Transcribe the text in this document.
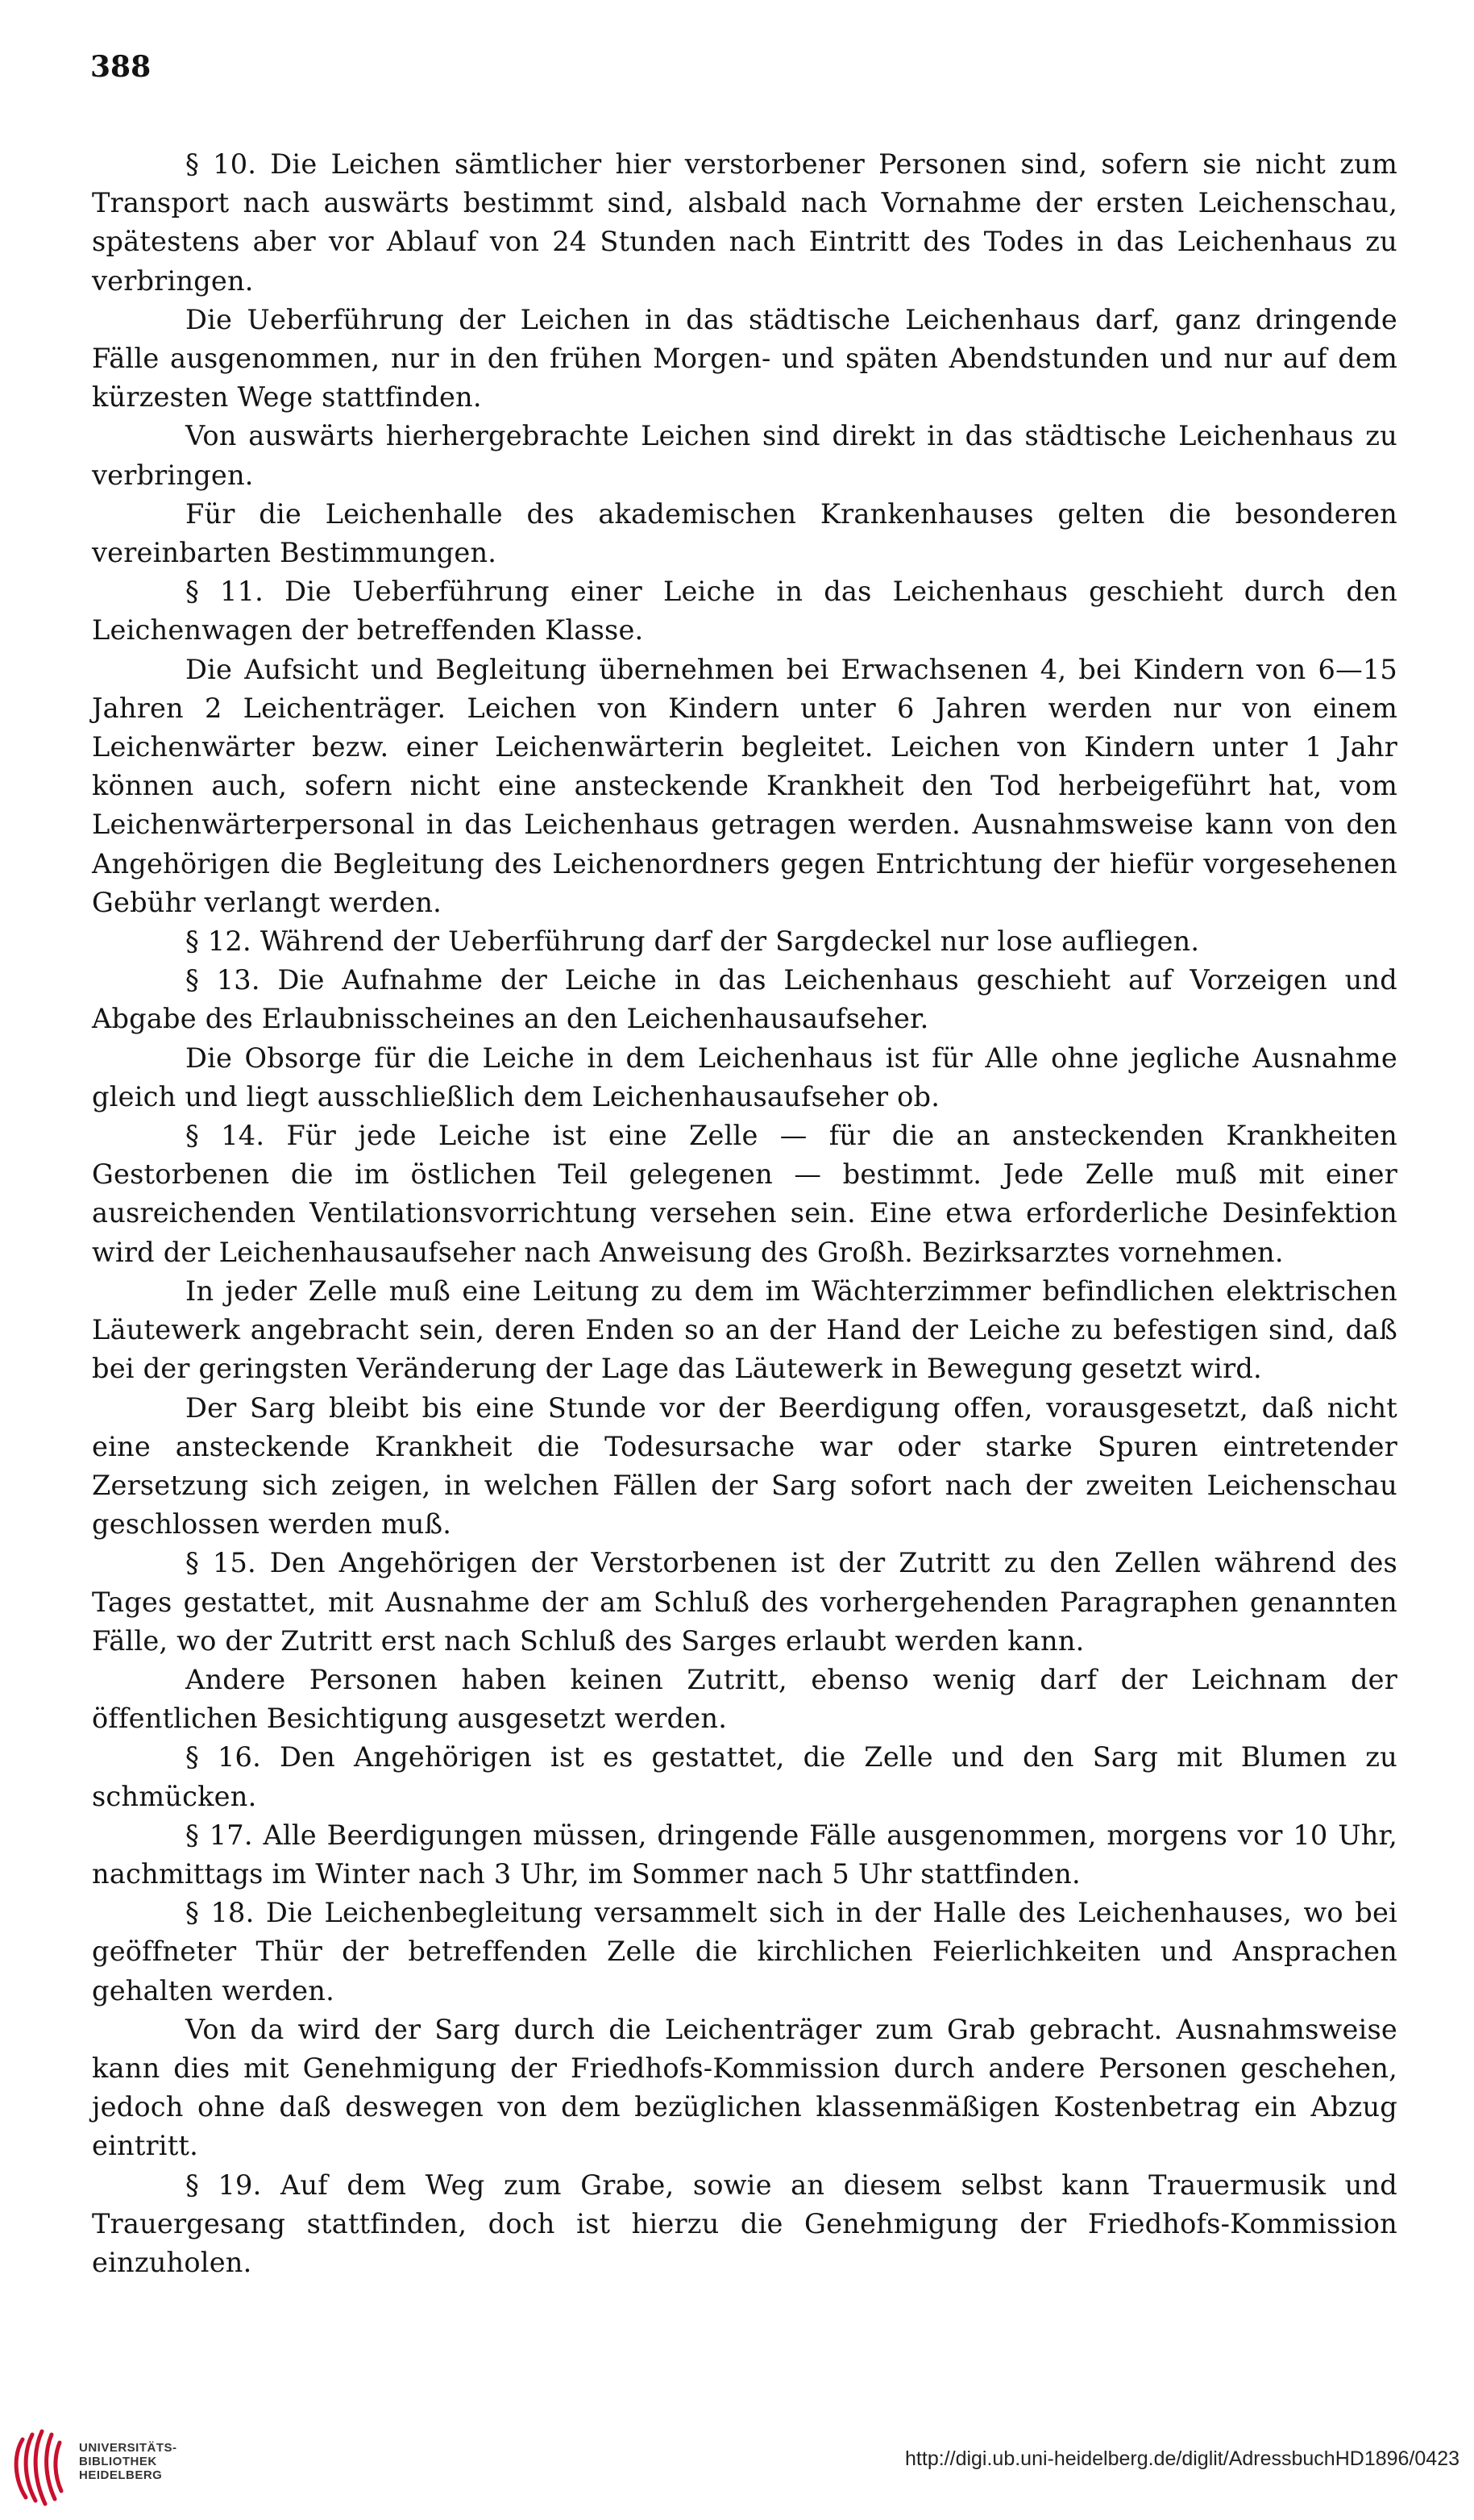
388

§ 10. Die Leichen sämtlicher hier verstorbener Personen sind, sofern sie nicht zum Transport nach auswärts bestimmt sind, alsbald nach Vornahme der ersten Leichenschau, spätestens aber vor Ablauf von 24 Stunden nach Eintritt des Todes in das Leichenhaus zu verbringen.

Die Ueberführung der Leichen in das städtische Leichenhaus darf, ganz dringende Fälle ausgenommen, nur in den frühen Morgen- und späten Abendstunden und nur auf dem kürzesten Wege stattfinden.

Von auswärts hierhergebrachte Leichen sind direkt in das städtische Leichenhaus zu verbringen.

Für die Leichenhalle des akademischen Krankenhauses gelten die besonderen vereinbarten Bestimmungen.

§ 11. Die Ueberführung einer Leiche in das Leichenhaus geschieht durch den Leichenwagen der betreffenden Klasse.

Die Aufsicht und Begleitung übernehmen bei Erwachsenen 4, bei Kindern von 6—15 Jahren 2 Leichenträger. Leichen von Kindern unter 6 Jahren werden nur von einem Leichenwärter bezw. einer Leichenwärterin begleitet. Leichen von Kindern unter 1 Jahr können auch, sofern nicht eine ansteckende Krankheit den Tod herbeigeführt hat, vom Leichenwärterpersonal in das Leichenhaus getragen werden. Ausnahmsweise kann von den Angehörigen die Begleitung des Leichenordners gegen Entrichtung der hiefür vorgesehenen Gebühr verlangt werden.

§ 12. Während der Ueberführung darf der Sargdeckel nur lose aufliegen.

§ 13. Die Aufnahme der Leiche in das Leichenhaus geschieht auf Vorzeigen und Abgabe des Erlaubnisscheines an den Leichenhausaufseher.

Die Obsorge für die Leiche in dem Leichenhaus ist für Alle ohne jegliche Ausnahme gleich und liegt ausschließlich dem Leichenhausaufseher ob.

§ 14. Für jede Leiche ist eine Zelle — für die an ansteckenden Krankheiten Gestorbenen die im östlichen Teil gelegenen — bestimmt. Jede Zelle muß mit einer ausreichenden Ventilationsvorrichtung versehen sein. Eine etwa erforderliche Desinfektion wird der Leichenhausaufseher nach Anweisung des Großh. Bezirksarztes vornehmen.

In jeder Zelle muß eine Leitung zu dem im Wächterzimmer befindlichen elektrischen Läutewerk angebracht sein, deren Enden so an der Hand der Leiche zu befestigen sind, daß bei der geringsten Veränderung der Lage das Läutewerk in Bewegung gesetzt wird.

Der Sarg bleibt bis eine Stunde vor der Beerdigung offen, vorausgesetzt, daß nicht eine ansteckende Krankheit die Todesursache war oder starke Spuren eintretender Zersetzung sich zeigen, in welchen Fällen der Sarg sofort nach der zweiten Leichenschau geschlossen werden muß.

§ 15. Den Angehörigen der Verstorbenen ist der Zutritt zu den Zellen während des Tages gestattet, mit Ausnahme der am Schluß des vorhergehenden Paragraphen genannten Fälle, wo der Zutritt erst nach Schluß des Sarges erlaubt werden kann.

Andere Personen haben keinen Zutritt, ebenso wenig darf der Leichnam der öffentlichen Besichtigung ausgesetzt werden.

§ 16. Den Angehörigen ist es gestattet, die Zelle und den Sarg mit Blumen zu schmücken.

§ 17. Alle Beerdigungen müssen, dringende Fälle ausgenommen, morgens vor 10 Uhr, nachmittags im Winter nach 3 Uhr, im Sommer nach 5 Uhr stattfinden.

§ 18. Die Leichenbegleitung versammelt sich in der Halle des Leichenhauses, wo bei geöffneter Thür der betreffenden Zelle die kirchlichen Feierlichkeiten und Ansprachen gehalten werden.

Von da wird der Sarg durch die Leichenträger zum Grab gebracht. Ausnahmsweise kann dies mit Genehmigung der Friedhofs-Kommission durch andere Personen geschehen, jedoch ohne daß deswegen von dem bezüglichen klassenmäßigen Kostenbetrag ein Abzug eintritt.

§ 19. Auf dem Weg zum Grabe, sowie an diesem selbst kann Trauermusik und Trauergesang stattfinden, doch ist hierzu die Genehmigung der Friedhofs-Kommission einzuholen.

UNIVERSITÄTS-
BIBLIOTHEK
HEIDELBERG
http://digi.ub.uni-heidelberg.de/diglit/AdressbuchHD1896/0423
